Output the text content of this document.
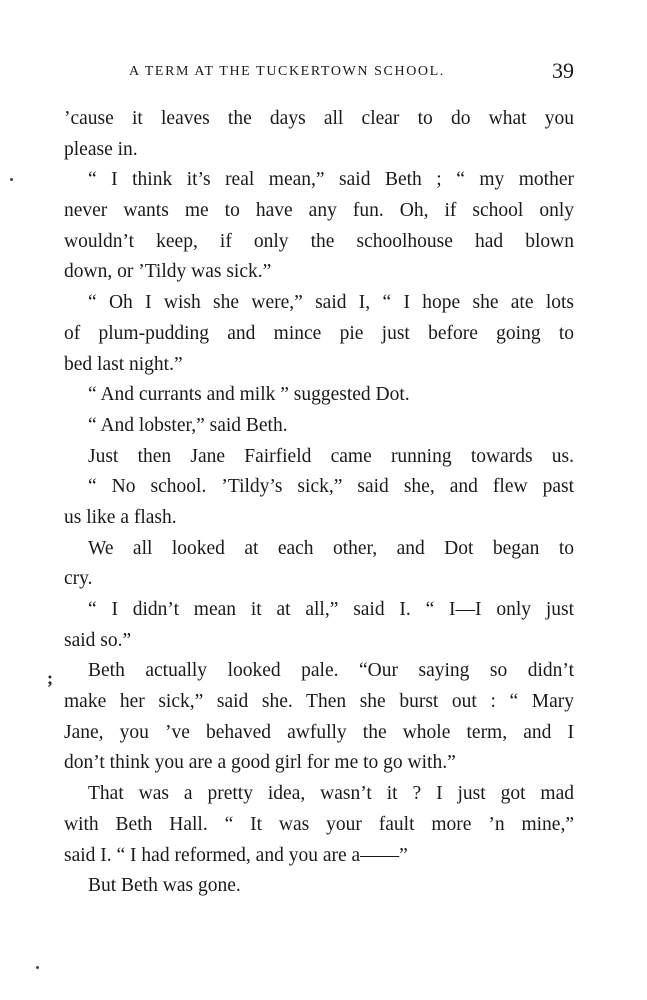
A TERM AT THE TUCKERTOWN SCHOOL.	39
’cause it leaves the days all clear to do what you
please in.
“ I think it’s real mean,” said Beth ; “ my mother
never wants me to have any fun. Oh, if school only
wouldn’t keep, if only the schoolhouse had blown
down, or ’Tildy was sick.”
“ Oh I wish she were,” said I, “ I hope she ate lots
of plum-pudding and mince pie just before going to
bed last night.”
“ And currants and milk ” suggested Dot.
“ And lobster,” said Beth.
Just then Jane Fairfield came running towards us.
“ No school. ’Tildy’s sick,” said she, and flew past
us like a flash.
We all looked at each other, and Dot began to
cry.
“ I didn’t mean it at all,” said I. “ I—I only just
said so.”
Beth actually looked pale. “Our saying so didn’t
make her sick,” said she. Then she burst out : “ Mary
Jane, you ’ve behaved awfully the whole term, and I
don’t think you are a good girl for me to go with.”
That was a pretty idea, wasn’t it ? I just got mad
with Beth Hall. “ It was your fault more ’n mine,”
said I. “ I had reformed, and you are a——”
But Beth was gone.
;
